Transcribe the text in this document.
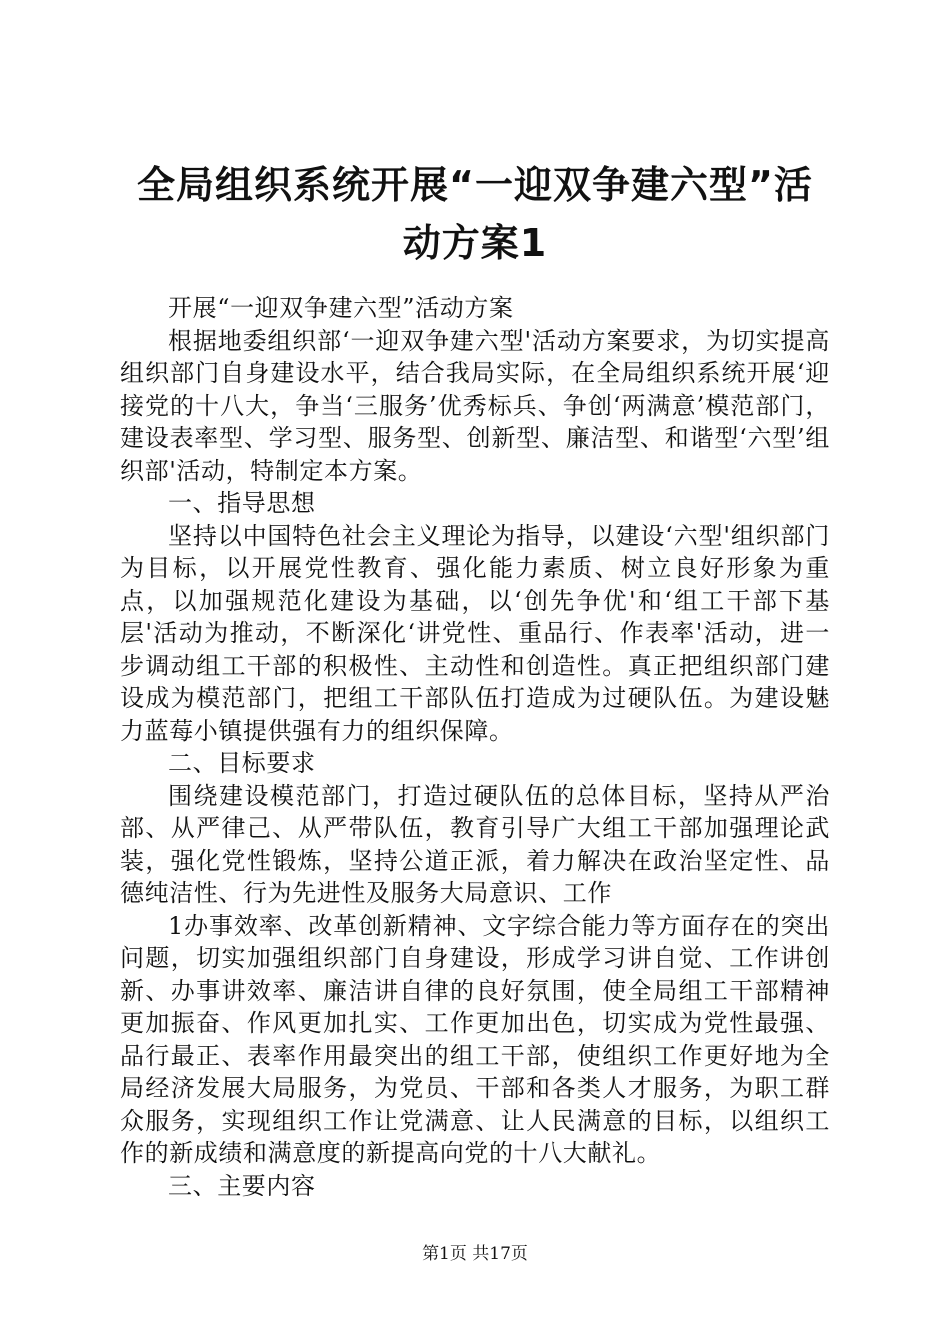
全局组织系统开展“一迎双争建六型”活动方案1

开展“一迎双争建六型”活动方案

根据地委组织部‘一迎双争建六型'活动方案要求，为切实提高组织部门自身建设水平，结合我局实际，在全局组织系统开展‘迎接党的十八大，争当‘三服务’优秀标兵、争创‘两满意’模范部门，建设表率型、学习型、服务型、创新型、廉洁型、和谐型‘六型’组织部'活动，特制定本方案。

一、指导思想

坚持以中国特色社会主义理论为指导，以建设‘六型'组织部门为目标，以开展党性教育、强化能力素质、树立良好形象为重点，以加强规范化建设为基础，以‘创先争优'和‘组工干部下基层'活动为推动，不断深化‘讲党性、重品行、作表率'活动，进一步调动组工干部的积极性、主动性和创造性。真正把组织部门建设成为模范部门，把组工干部队伍打造成为过硬队伍。为建设魅力蓝莓小镇提供强有力的组织保障。

二、目标要求

围绕建设模范部门，打造过硬队伍的总体目标，坚持从严治部、从严律己、从严带队伍，教育引导广大组工干部加强理论武装，强化党性锻炼，坚持公道正派，着力解决在政治坚定性、品德纯洁性、行为先进性及服务大局意识、工作

1办事效率、改革创新精神、文字综合能力等方面存在的突出问题，切实加强组织部门自身建设，形成学习讲自觉、工作讲创新、办事讲效率、廉洁讲自律的良好氛围，使全局组工干部精神更加振奋、作风更加扎实、工作更加出色，切实成为党性最强、品行最正、表率作用最突出的组工干部，使组织工作更好地为全局经济发展大局服务，为党员、干部和各类人才服务，为职工群众服务，实现组织工作让党满意、让人民满意的目标，以组织工作的新成绩和满意度的新提高向党的十八大献礼。

三、主要内容

第1页 共17页
